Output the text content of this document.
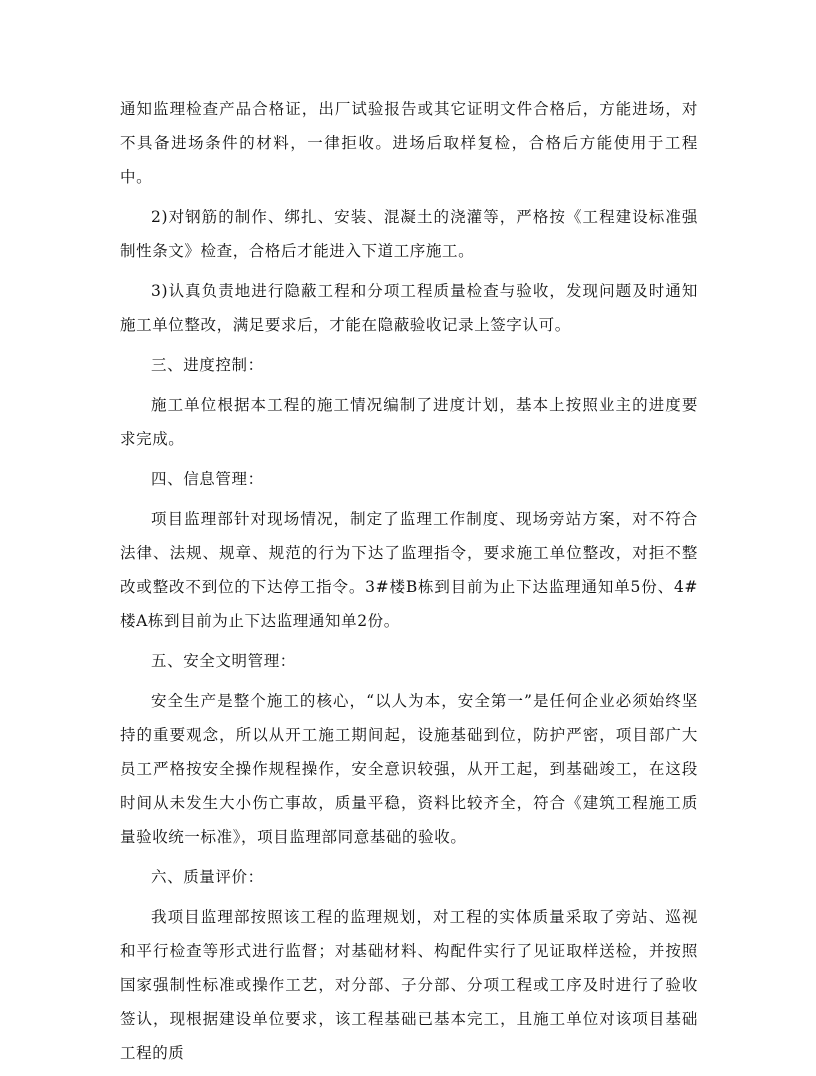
通知监理检查产品合格证，出厂试验报告或其它证明文件合格后，方能进场，对不具备进场条件的材料，一律拒收。进场后取样复检，合格后方能使用于工程中。

2)对钢筋的制作、绑扎、安装、混凝土的浇灌等，严格按《工程建设标准强制性条文》检查，合格后才能进入下道工序施工。

3)认真负责地进行隐蔽工程和分项工程质量检查与验收，发现问题及时通知施工单位整改，满足要求后，才能在隐蔽验收记录上签字认可。

三、进度控制：

施工单位根据本工程的施工情况编制了进度计划，基本上按照业主的进度要求完成。

四、信息管理：

项目监理部针对现场情况，制定了监理工作制度、现场旁站方案，对不符合法律、法规、规章、规范的行为下达了监理指令，要求施工单位整改，对拒不整改或整改不到位的下达停工指令。3#楼B栋到目前为止下达监理通知单5份、4#楼A栋到目前为止下达监理通知单2份。

五、安全文明管理：

安全生产是整个施工的核心，“以人为本，安全第一”是任何企业必须始终坚持的重要观念，所以从开工施工期间起，设施基础到位，防护严密，项目部广大员工严格按安全操作规程操作，安全意识较强，从开工起，到基础竣工，在这段时间从未发生大小伤亡事故，质量平稳，资料比较齐全，符合《建筑工程施工质量验收统一标准》，项目监理部同意基础的验收。

六、质量评价：

我项目监理部按照该工程的监理规划，对工程的实体质量采取了旁站、巡视和平行检查等形式进行监督；对基础材料、构配件实行了见证取样送检，并按照国家强制性标准或操作工艺，对分部、子分部、分项工程或工序及时进行了验收签认，现根据建设单位要求，该工程基础已基本完工，且施工单位对该项目基础工程的质
